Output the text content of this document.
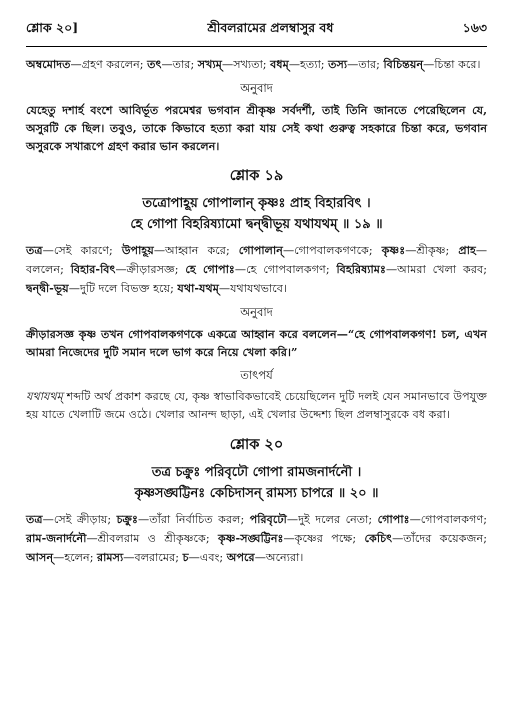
শ্লোক ২০]	শ্রীবলরামের প্রলম্বাসুর বধ	১৬৩

অম্বমোদত—গ্রহণ করলেন; তৎ—তার; সখ্যম্—সখ্যতা; বধম্—হত্যা; তস্য—তার; বিচিন্তয়ন্—চিন্তা করে।

অনুবাদ

যেহেতু দশার্হ বংশে আবির্ভূত পরমেশ্বর ভগবান শ্রীকৃষ্ণ সর্বদর্শী, তাই তিনি জানতে পেরেছিলেন যে, অসুরটি কে ছিল। তবুও, তাকে কিভাবে হত্যা করা যায় সেই কথা গুরুত্ব সহকারে চিন্তা করে, ভগবান অসুরকে সখারূপে গ্রহণ করার ভান করলেন।

শ্লোক ১৯
তত্রোপাহূয় গোপালান্ কৃষ্ণঃ প্রাহ বিহারবিৎ ।
হে গোপা বিহরিষ্যামো দ্বন্দ্বীভূয় যথাযথম্ ॥ ১৯ ॥

তত্র—সেই কারণে; উপাহূয়—আহ্বান করে; গোপালান্—গোপবালকগণকে; কৃষ্ণঃ—শ্রীকৃষ্ণ; প্রাহ—বললেন; বিহার-বিৎ—ক্রীড়ারসজ্ঞ; হে গোপাঃ—হে গোপবালকগণ; বিহরিষ্যামঃ—আমরা খেলা করব; দ্বন্দ্বী-ভূয়—দুটি দলে বিভক্ত হয়ে; যথা-যথম্—যথাযথভাবে।

অনুবাদ

ক্রীড়ারসজ্ঞ কৃষ্ণ তখন গোপবালকগণকে একত্রে আহ্বান করে বললেন—“হে গোপবালকগণ! চল, এখন আমরা নিজেদের দুটি সমান দলে ভাগ করে নিয়ে খেলা করি।”

তাৎপর্য

যথাযথম্ শব্দটি অর্থ প্রকাশ করছে যে, কৃষ্ণ স্বাভাবিকভাবেই চেয়েছিলেন দুটি দলই যেন সমানভাবে উপযুক্ত হয় যাতে খেলাটি জমে ওঠে। খেলার আনন্দ ছাড়া, এই খেলার উদ্দেশ্য ছিল প্রলম্বাসুরকে বধ করা।

শ্লোক ২০
তত্র চক্রুঃ পরিবৃঢৌ গোপা রামজনার্দনৌ ।
কৃষ্ণসঙ্ঘট্টিনঃ কেচিদাসন্ রামস্য চাপরে ॥ ২০ ॥

তত্র—সেই ক্রীড়ায়; চক্রুঃ—তাঁরা নির্বাচিত করল; পরিবৃঢৌ—দুই দলের নেতা; গোপাঃ—গোপবালকগণ; রাম-জনার্দনৌ—শ্রীবলরাম ও শ্রীকৃষ্ণকে; কৃষ্ণ-সঙ্ঘট্টিনঃ—কৃষ্ণের পক্ষে; কেচিৎ—তাঁদের কয়েকজন; আসন্—হলেন; রামস্য—বলরামের; চ—এবং; অপরে—অন্যেরা।
